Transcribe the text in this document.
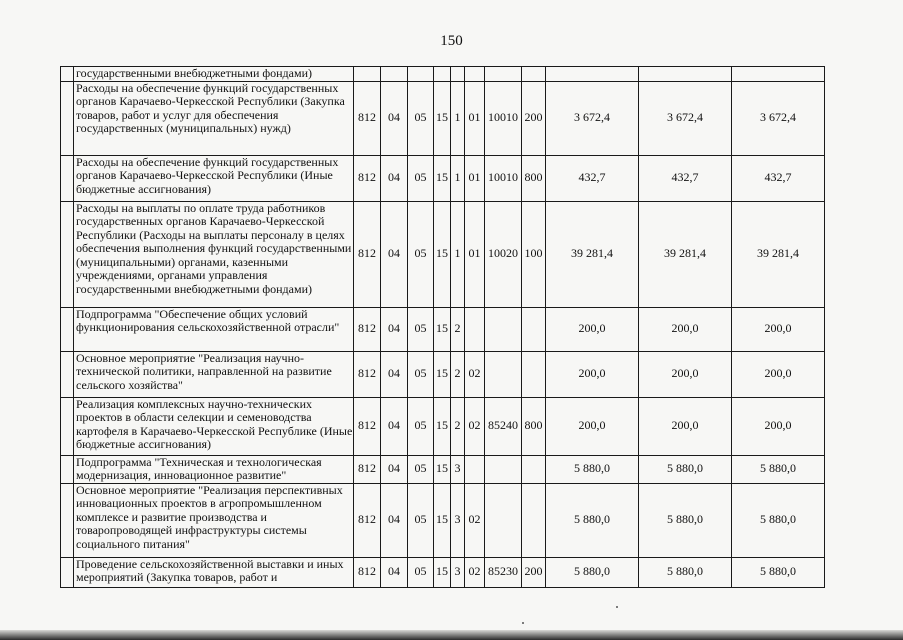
150
	государственными внебюджетными фондами)											
	Расходы на обеспечение функций государственных органов Карачаево-Черкесской Республики (Закупка товаров, работ и услуг для обеспечения государственных (муниципальных) нужд)	812	04	05	15	1	01	10010	200	3 672,4	3 672,4	3 672,4
	Расходы на обеспечение функций государственных органов Карачаево-Черкесской Республики (Иные бюджетные ассигнования)	812	04	05	15	1	01	10010	800	432,7	432,7	432,7
	Расходы на выплаты по оплате труда работников государственных органов Карачаево-Черкесской Республики (Расходы на выплаты персоналу в целях обеспечения выполнения функций государственными (муниципальными) органами, казенными учреждениями, органами управления государственными внебюджетными фондами)	812	04	05	15	1	01	10020	100	39 281,4	39 281,4	39 281,4
	Подпрограмма "Обеспечение общих условий функционирования сельскохозяйственной отрасли"	812	04	05	15	2				200,0	200,0	200,0
	Основное мероприятие "Реализация научно-технической политики, направленной на развитие сельского хозяйства"	812	04	05	15	2	02			200,0	200,0	200,0
	Реализация комплексных научно-технических проектов в области селекции и семеноводства картофеля в Карачаево-Черкесской Республике (Иные бюджетные ассигнования)	812	04	05	15	2	02	85240	800	200,0	200,0	200,0
	Подпрограмма "Техническая и технологическая модернизация, инновационное развитие"	812	04	05	15	3				5 880,0	5 880,0	5 880,0
	Основное мероприятие "Реализация перспективных инновационных проектов в агропромышленном комплексе и развитие производства и товаропроводящей инфраструктуры системы социального питания"	812	04	05	15	3	02			5 880,0	5 880,0	5 880,0
	Проведение сельскохозяйственной выставки и иных мероприятий (Закупка товаров, работ и	812	04	05	15	3	02	85230	200	5 880,0	5 880,0	5 880,0
